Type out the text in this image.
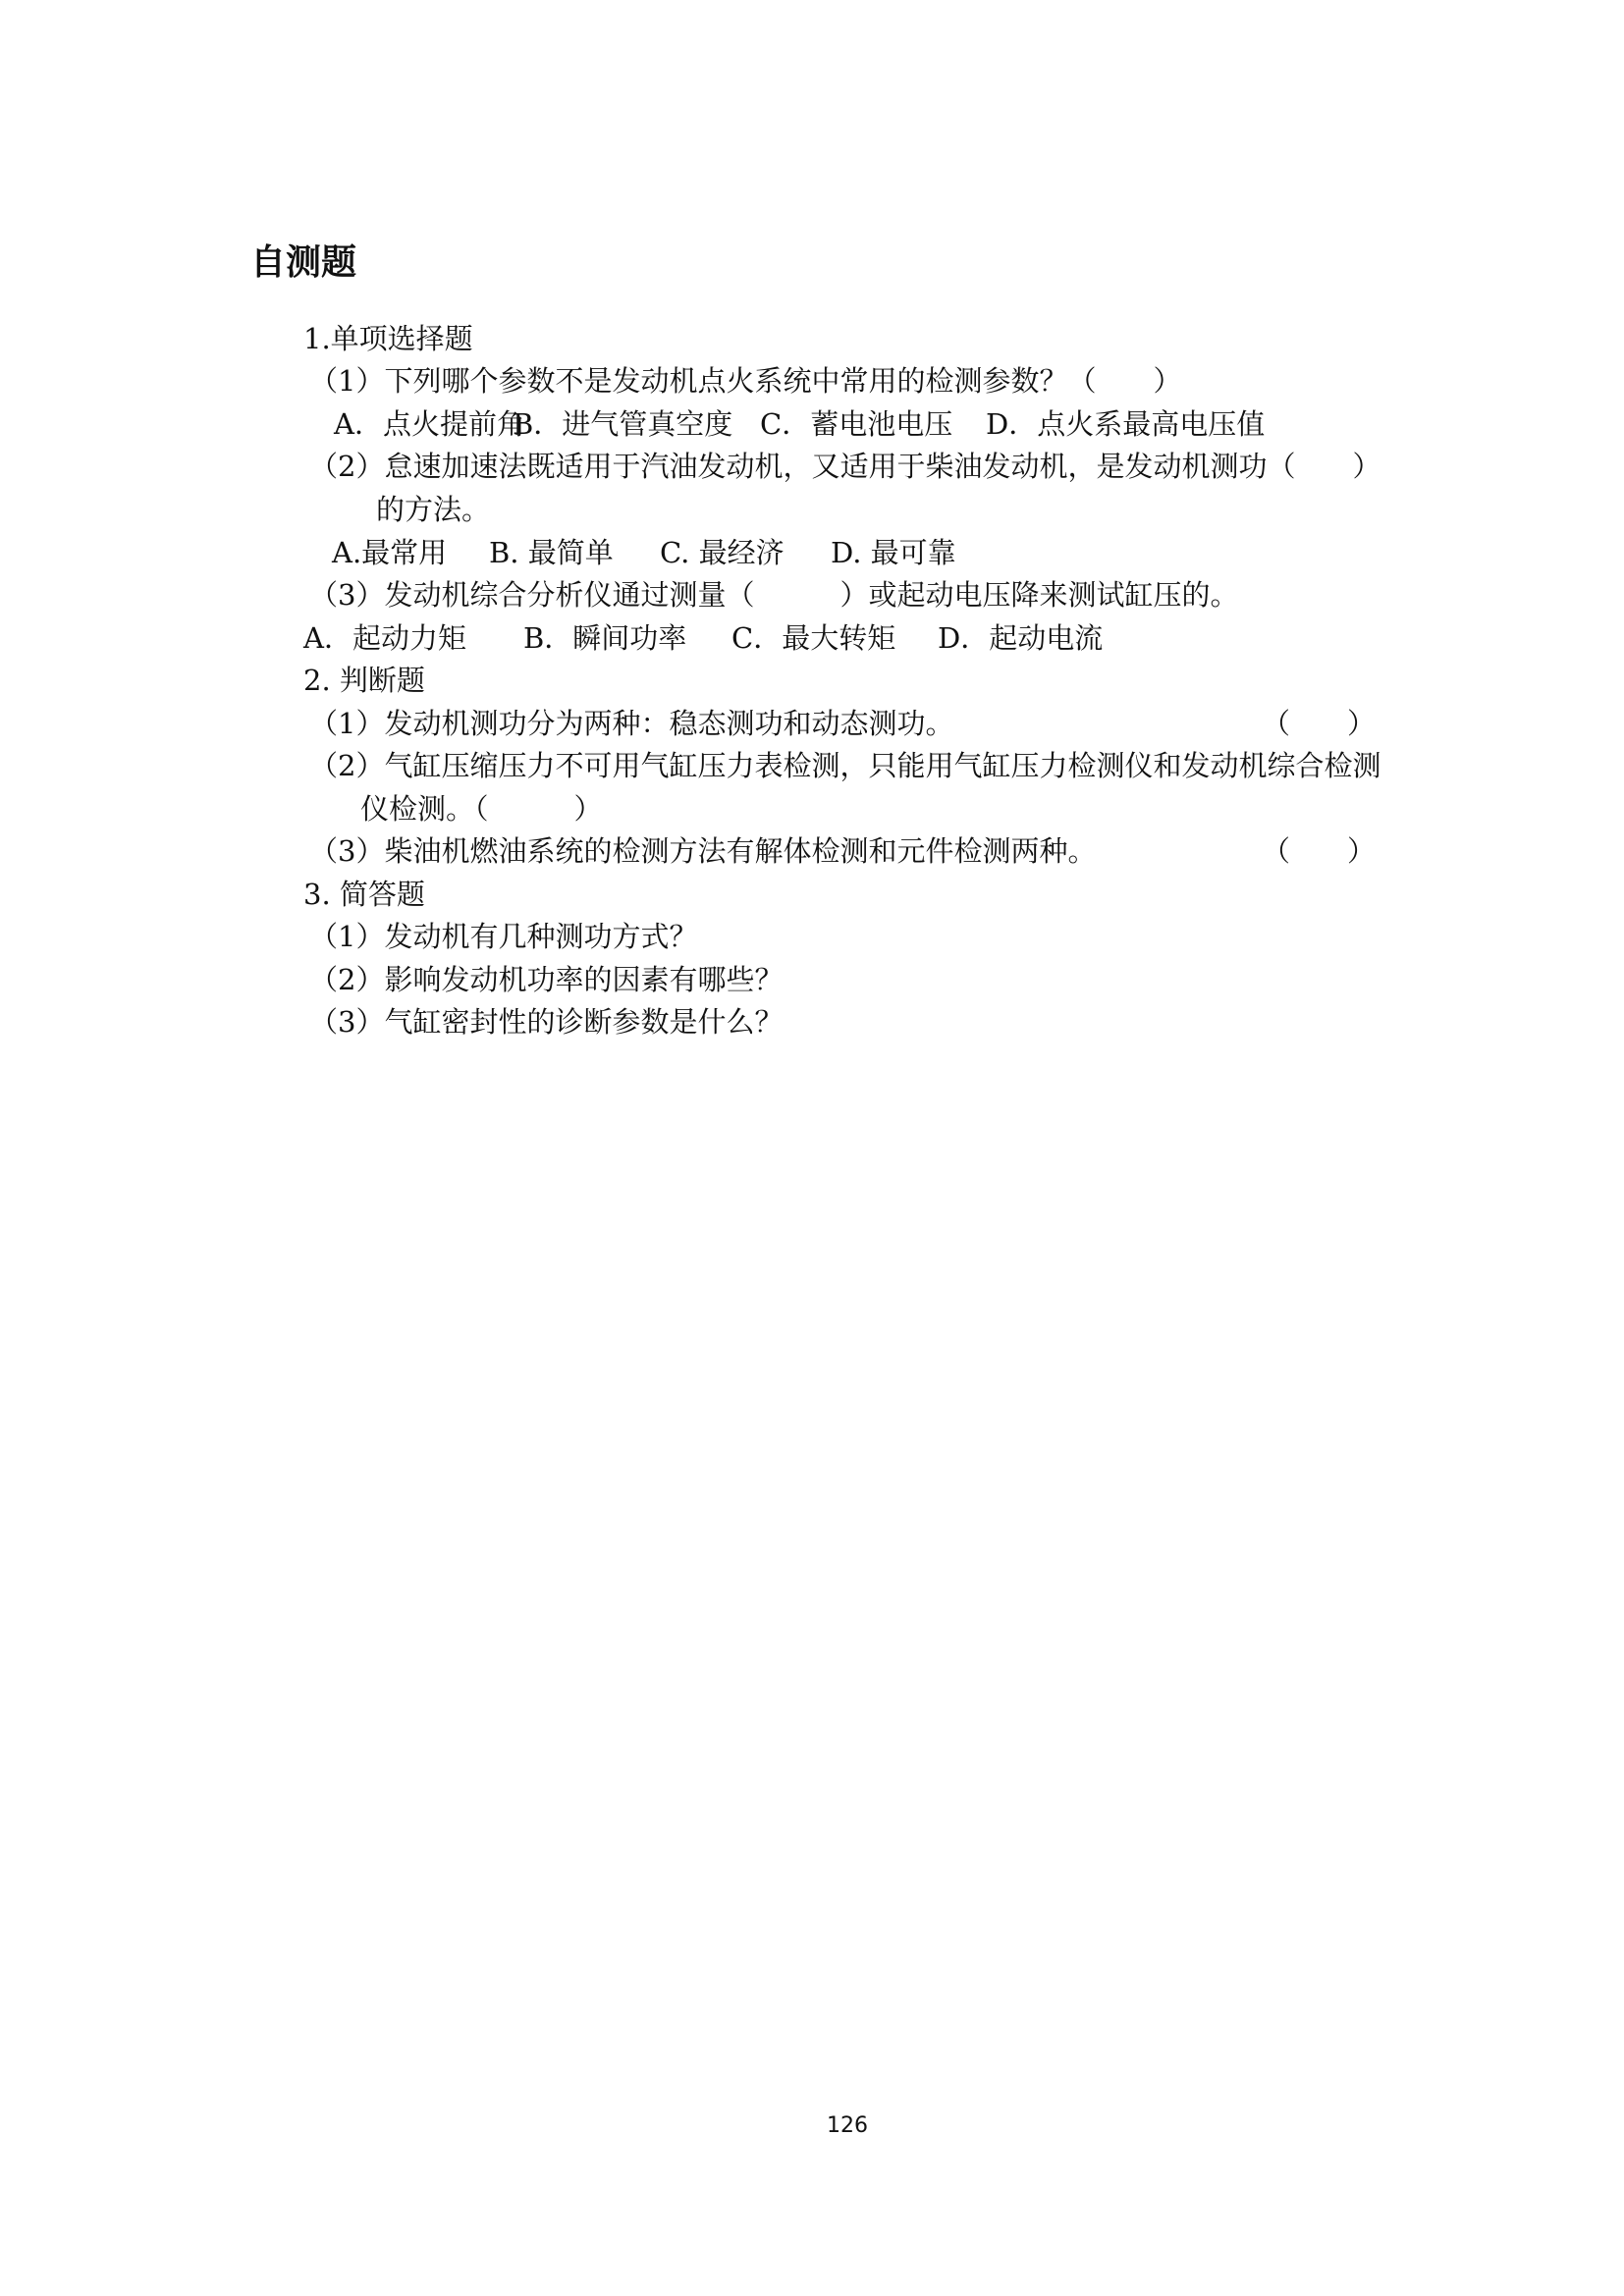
自测题
1.单项选择题
（1）下列哪个参数不是发动机点火系统中常用的检测参数？（　　）
A．点火提前角B．进气管真空度 C．蓄电池电压 D．点火系最高电压值
（2）怠速加速法既适用于汽油发动机，又适用于柴油发动机，是发动机测功（　　）
的方法。
A.最常用 B. 最简单 C. 最经济 D. 最可靠
（3）发动机综合分析仪通过测量（　　　）或起动电压降来测试缸压的。
A．起动力矩 B．瞬间功率 C．最大转矩 D．起动电流
2. 判断题
（1）发动机测功分为两种：稳态测功和动态测功。	（　　）
（2）气缸压缩压力不可用气缸压力表检测，只能用气缸压力检测仪和发动机综合检测
仪检测。（　　　）
（3）柴油机燃油系统的检测方法有解体检测和元件检测两种。	（　　）
3. 简答题
（1）发动机有几种测功方式？
（2）影响发动机功率的因素有哪些？
（3）气缸密封性的诊断参数是什么？
126
